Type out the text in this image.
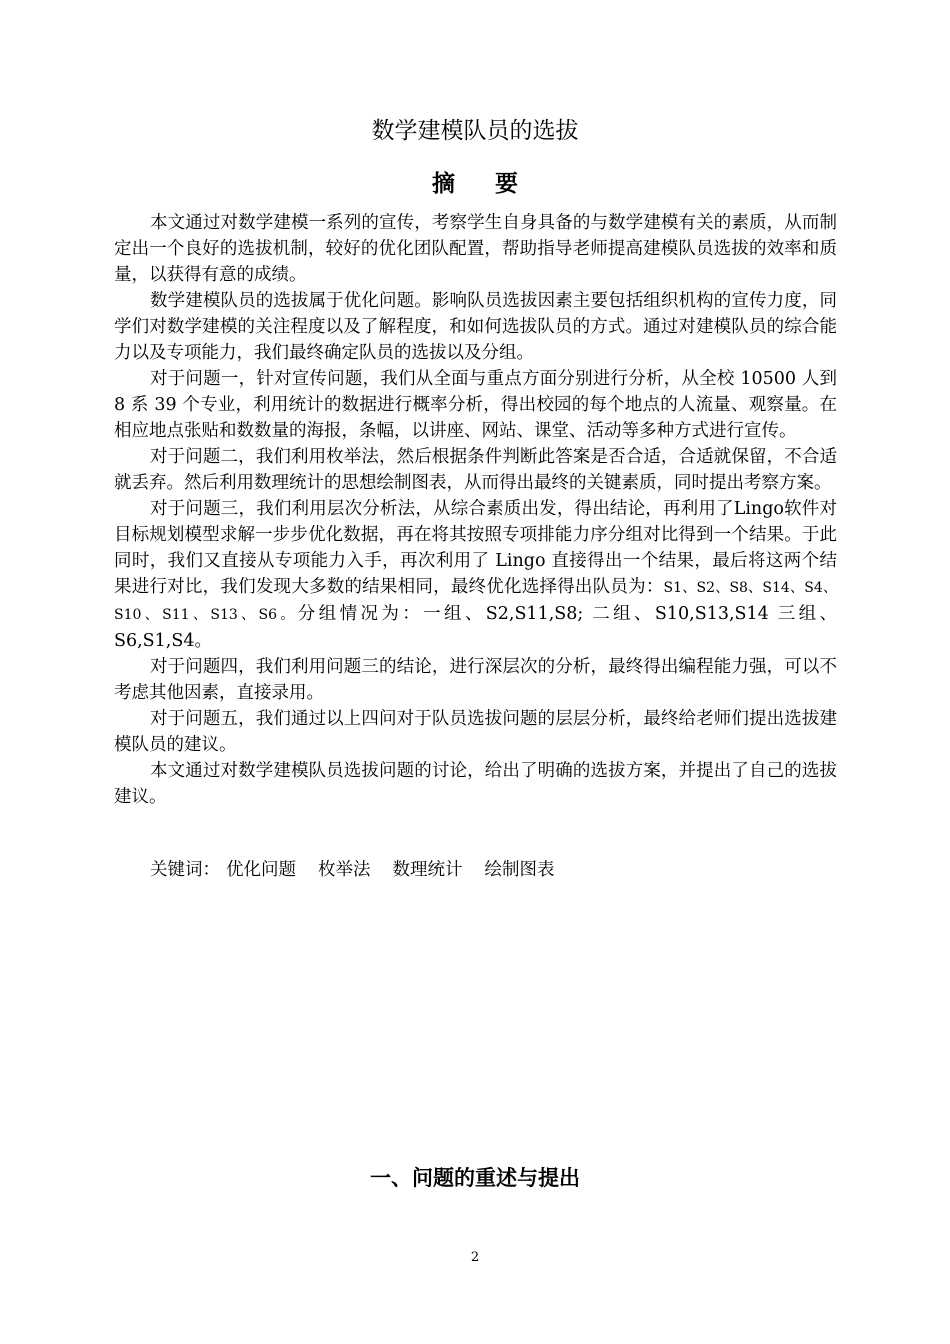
数学建模队员的选拔
摘要

本文通过对数学建模一系列的宣传，考察学生自身具备的与数学建模有关的素质，从而制定出一个良好的选拔机制，较好的优化团队配置，帮助指导老师提高建模队员选拔的效率和质量，以获得有意的成绩。

数学建模队员的选拔属于优化问题。影响队员选拔因素主要包括组织机构的宣传力度，同学们对数学建模的关注程度以及了解程度，和如何选拔队员的方式。通过对建模队员的综合能力以及专项能力，我们最终确定队员的选拔以及分组。

对于问题一，针对宣传问题，我们从全面与重点方面分别进行分析，从全校 10500 人到 8 系 39 个专业，利用统计的数据进行概率分析，得出校园的每个地点的人流量、观察量。在相应地点张贴和数数量的海报，条幅，以讲座、网站、课堂、活动等多种方式进行宣传。

对于问题二，我们利用枚举法，然后根据条件判断此答案是否合适，合适就保留，不合适就丢弃。然后利用数理统计的思想绘制图表，从而得出最终的关键素质，同时提出考察方案。

对于问题三，我们利用层次分析法，从综合素质出发，得出结论，再利用了Lingo软件对目标规划模型求解一步步优化数据，再在将其按照专项排能力序分组对比得到一个结果。于此同时，我们又直接从专项能力入手，再次利用了 Lingo 直接得出一个结果，最后将这两个结果进行对比，我们发现大多数的结果相同，最终优化选择得出队员为：S1、S2、S8、S14、S4、S10、S11、S13、S6。分组情况为：一组、S2,S11,S8; 二组、S10,S13,S14 三组、S6,S1,S4。

对于问题四，我们利用问题三的结论，进行深层次的分析，最终得出编程能力强，可以不考虑其他因素，直接录用。

对于问题五，我们通过以上四问对于队员选拔问题的层层分析，最终给老师们提出选拔建模队员的建议。

本文通过对数学建模队员选拔问题的讨论，给出了明确的选拔方案，并提出了自己的选拔建议。

关键词： 优化问题 枚举法 数理统计 绘制图表
一、问题的重述与提出
2
